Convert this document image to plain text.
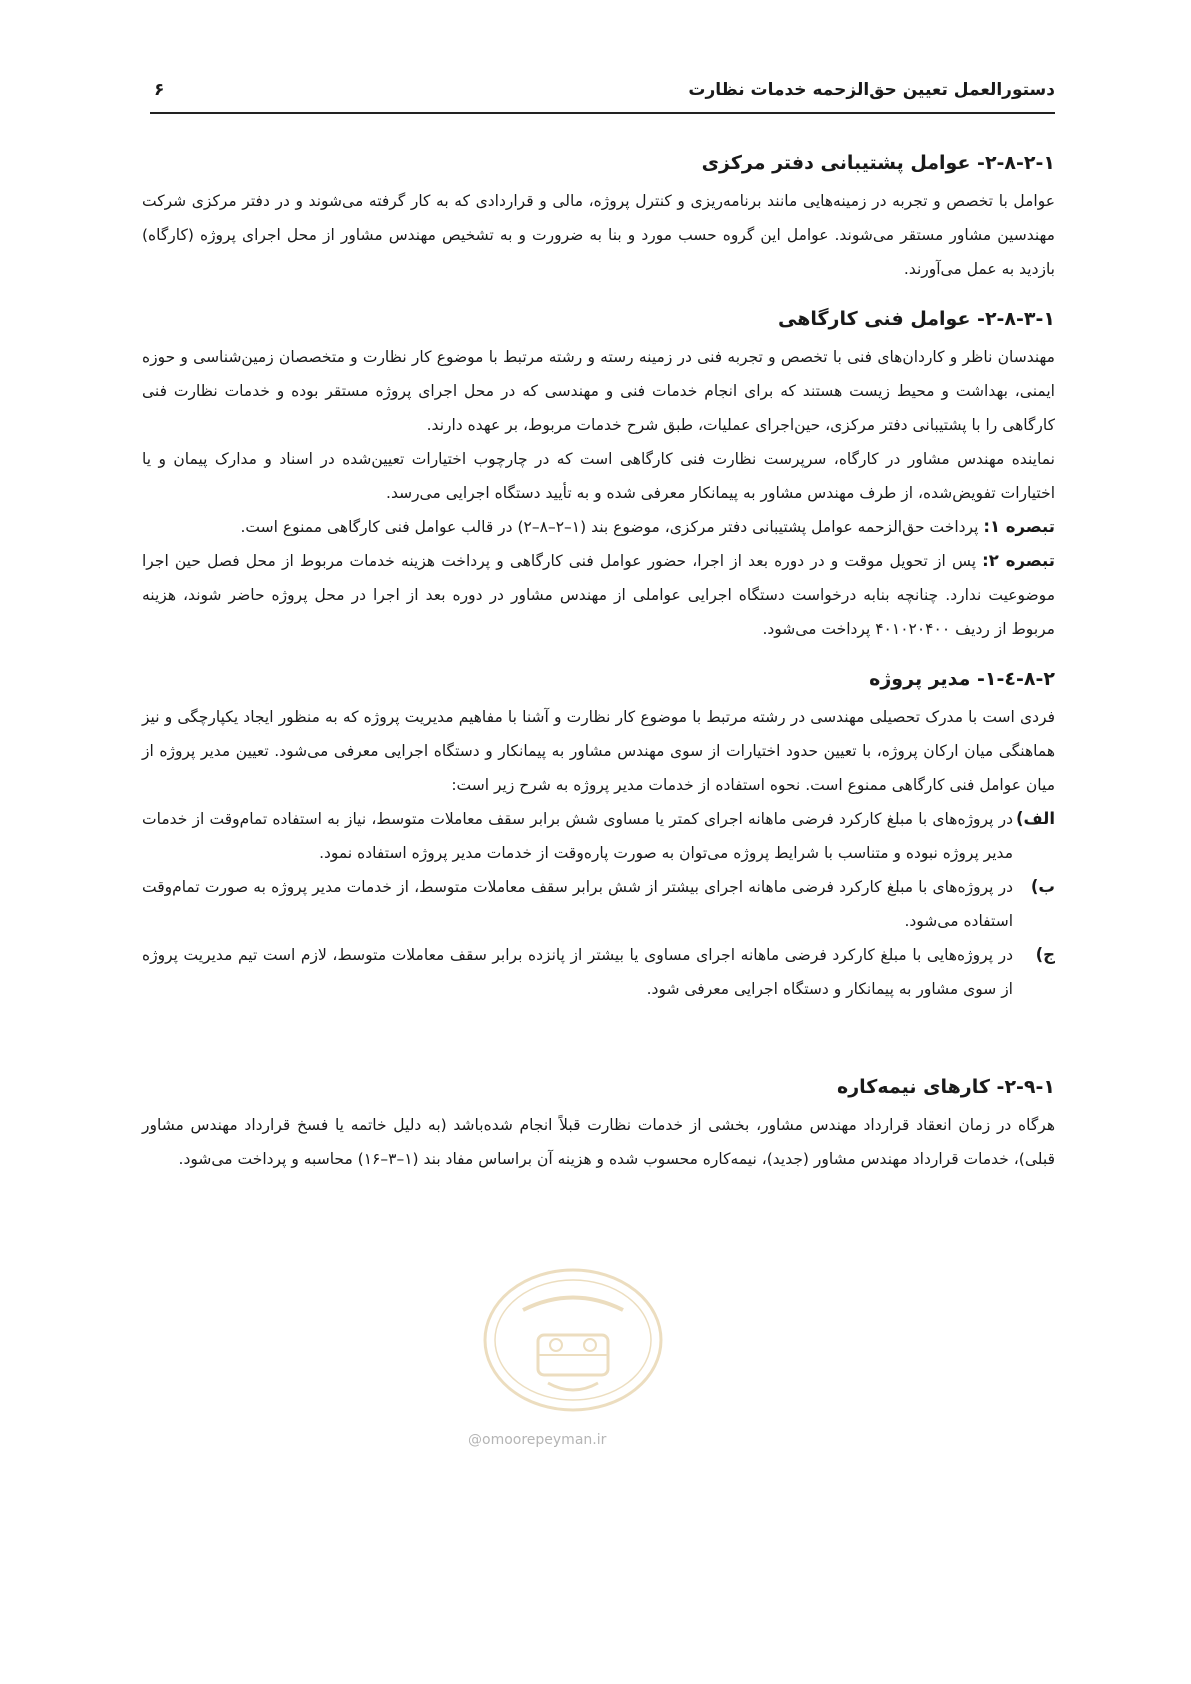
دستورالعمل تعیین حق‌الزحمه خدمات نظارت
۶
۲-۸-۲-۱- عوامل پشتیبانی دفتر مرکزی

عوامل با تخصص و تجربه در زمینه‌هایی مانند برنامه‌ریزی و کنترل پروژه، مالی و قراردادی که به کار گرفته می‌شوند و در دفتر مرکزی شرکت مهندسین مشاور مستقر می‌شوند. عوامل این گروه حسب مورد و بنا به ضرورت و به تشخیص مهندس مشاور از محل اجرای پروژه (کارگاه) بازدید به عمل می‌آورند.

۲-۸-۳-۱- عوامل فنی کارگاهی

مهندسان ناظر و کاردان‌های فنی با تخصص و تجربه فنی در زمینه رسته و رشته مرتبط با موضوع کار نظارت و متخصصان زمین‌شناسی و حوزه ایمنی، بهداشت و محیط زیست هستند که برای انجام خدمات فنی و مهندسی که در محل اجرای پروژه مستقر بوده و خدمات نظارت فنی کارگاهی را با پشتیبانی دفتر مرکزی، حین‌اجرای عملیات، طبق شرح خدمات مربوط، بر عهده دارند.

نماینده مهندس مشاور در کارگاه، سرپرست نظارت فنی کارگاهی است که در چارچوب اختیارات تعیین‌شده در اسناد و مدارک پیمان و یا اختیارات تفویض‌شده، از طرف مهندس مشاور به پیمانکار معرفی شده و به تأیید دستگاه اجرایی می‌رسد.

تبصره ۱: پرداخت حق‌الزحمه عوامل پشتیبانی دفتر مرکزی، موضوع بند (۱–۲–۸–۲) در قالب عوامل فنی کارگاهی ممنوع است.

تبصره ۲: پس از تحویل موقت و در دوره بعد از اجرا، حضور عوامل فنی کارگاهی و پرداخت هزینه خدمات مربوط از محل فصل حین اجرا موضوعیت ندارد. چنانچه بنابه درخواست دستگاه اجرایی عواملی از مهندس مشاور در دوره بعد از اجرا در محل پروژه حاضر شوند، هزینه مربوط از ردیف ۴۰۱۰۲۰۴۰۰ پرداخت می‌شود.

٢-٨-٤-١- مدیر پروژه

فردی است با مدرک تحصیلی مهندسی در رشته مرتبط با موضوع کار نظارت و آشنا با مفاهیم مدیریت پروژه که به منظور ایجاد یکپارچگی و نیز هماهنگی میان ارکان پروژه، با تعیین حدود اختیارات از سوی مهندس مشاور به پیمانکار و دستگاه اجرایی معرفی می‌شود. تعیین مدیر پروژه از میان عوامل فنی کارگاهی ممنوع است. نحوه استفاده از خدمات مدیر پروژه به شرح زیر است:

الف)
در پروژه‌های با مبلغ کارکرد فرضی ماهانه اجرای کمتر یا مساوی شش برابر سقف معاملات متوسط، نیاز به استفاده تمام‌وقت از خدمات مدیر پروژه نبوده و متناسب با شرایط پروژه می‌توان به صورت پاره‌وقت از خدمات مدیر پروژه استفاده نمود.
ب)
در پروژه‌های با مبلغ کارکرد فرضی ماهانه اجرای بیشتر از شش برابر سقف معاملات متوسط، از خدمات مدیر پروژه به صورت تمام‌وقت استفاده می‌شود.
ج)
در پروژه‌هایی با مبلغ کارکرد فرضی ماهانه اجرای مساوی یا بیشتر از پانزده برابر سقف معاملات متوسط، لازم است تیم مدیریت پروژه از سوی مشاور به پیمانکار و دستگاه اجرایی معرفی شود.
۲-۹-۱- کارهای نیمه‌کاره

هرگاه در زمان انعقاد قرارداد مهندس مشاور، بخشی از خدمات نظارت قبلاً انجام شده‌باشد (به دلیل خاتمه یا فسخ قرارداد مهندس مشاور قبلی)، خدمات قرارداد مهندس مشاور (جدید)، نیمه‌کاره محسوب شده و هزینه آن براساس مفاد بند (۱–۳–۱۶) محاسبه و پرداخت می‌شود.

@omoorepeyman.ir
